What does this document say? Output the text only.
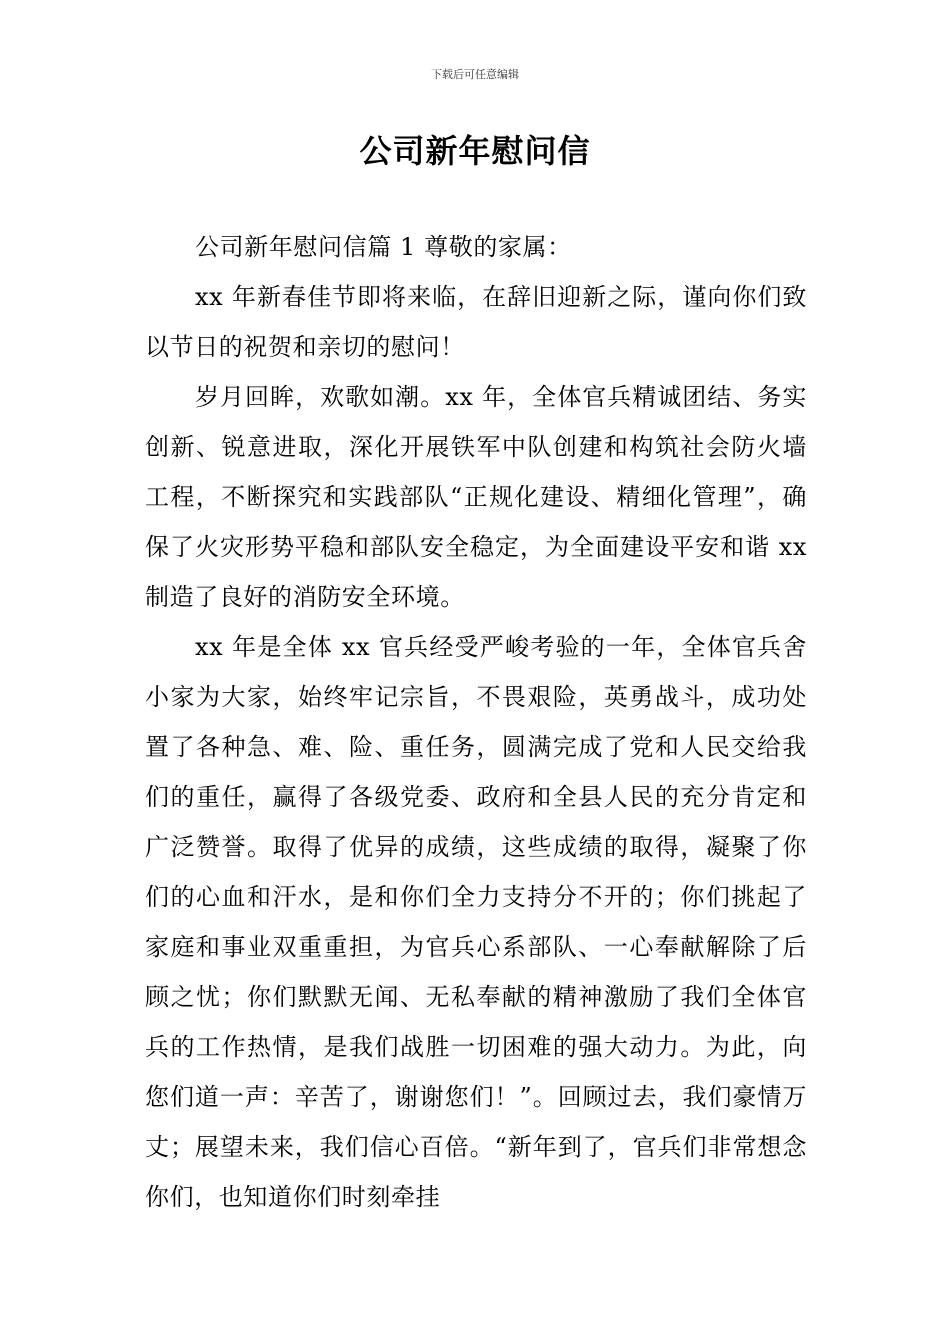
下载后可任意编辑
公司新年慰问信

公司新年慰问信篇 1 尊敬的家属：

xx 年新春佳节即将来临，在辞旧迎新之际，谨向你们致以节日的祝贺和亲切的慰问！

岁月回眸，欢歌如潮。xx 年，全体官兵精诚团结、务实创新、锐意进取，深化开展铁军中队创建和构筑社会防火墙工程，不断探究和实践部队“正规化建设、精细化管理”，确保了火灾形势平稳和部队安全稳定，为全面建设平安和谐 xx 制造了良好的消防安全环境。

xx 年是全体 xx 官兵经受严峻考验的一年，全体官兵舍小家为大家，始终牢记宗旨，不畏艰险，英勇战斗，成功处置了各种急、难、险、重任务，圆满完成了党和人民交给我们的重任，赢得了各级党委、政府和全县人民的充分肯定和广泛赞誉。取得了优异的成绩，这些成绩的取得，凝聚了你们的心血和汗水，是和你们全力支持分不开的；你们挑起了家庭和事业双重重担，为官兵心系部队、一心奉献解除了后顾之忧；你们默默无闻、无私奉献的精神激励了我们全体官兵的工作热情，是我们战胜一切困难的强大动力。为此，向您们道一声：辛苦了，谢谢您们！”。回顾过去，我们豪情万丈；展望未来，我们信心百倍。“新年到了，官兵们非常想念你们，也知道你们时刻牵挂
